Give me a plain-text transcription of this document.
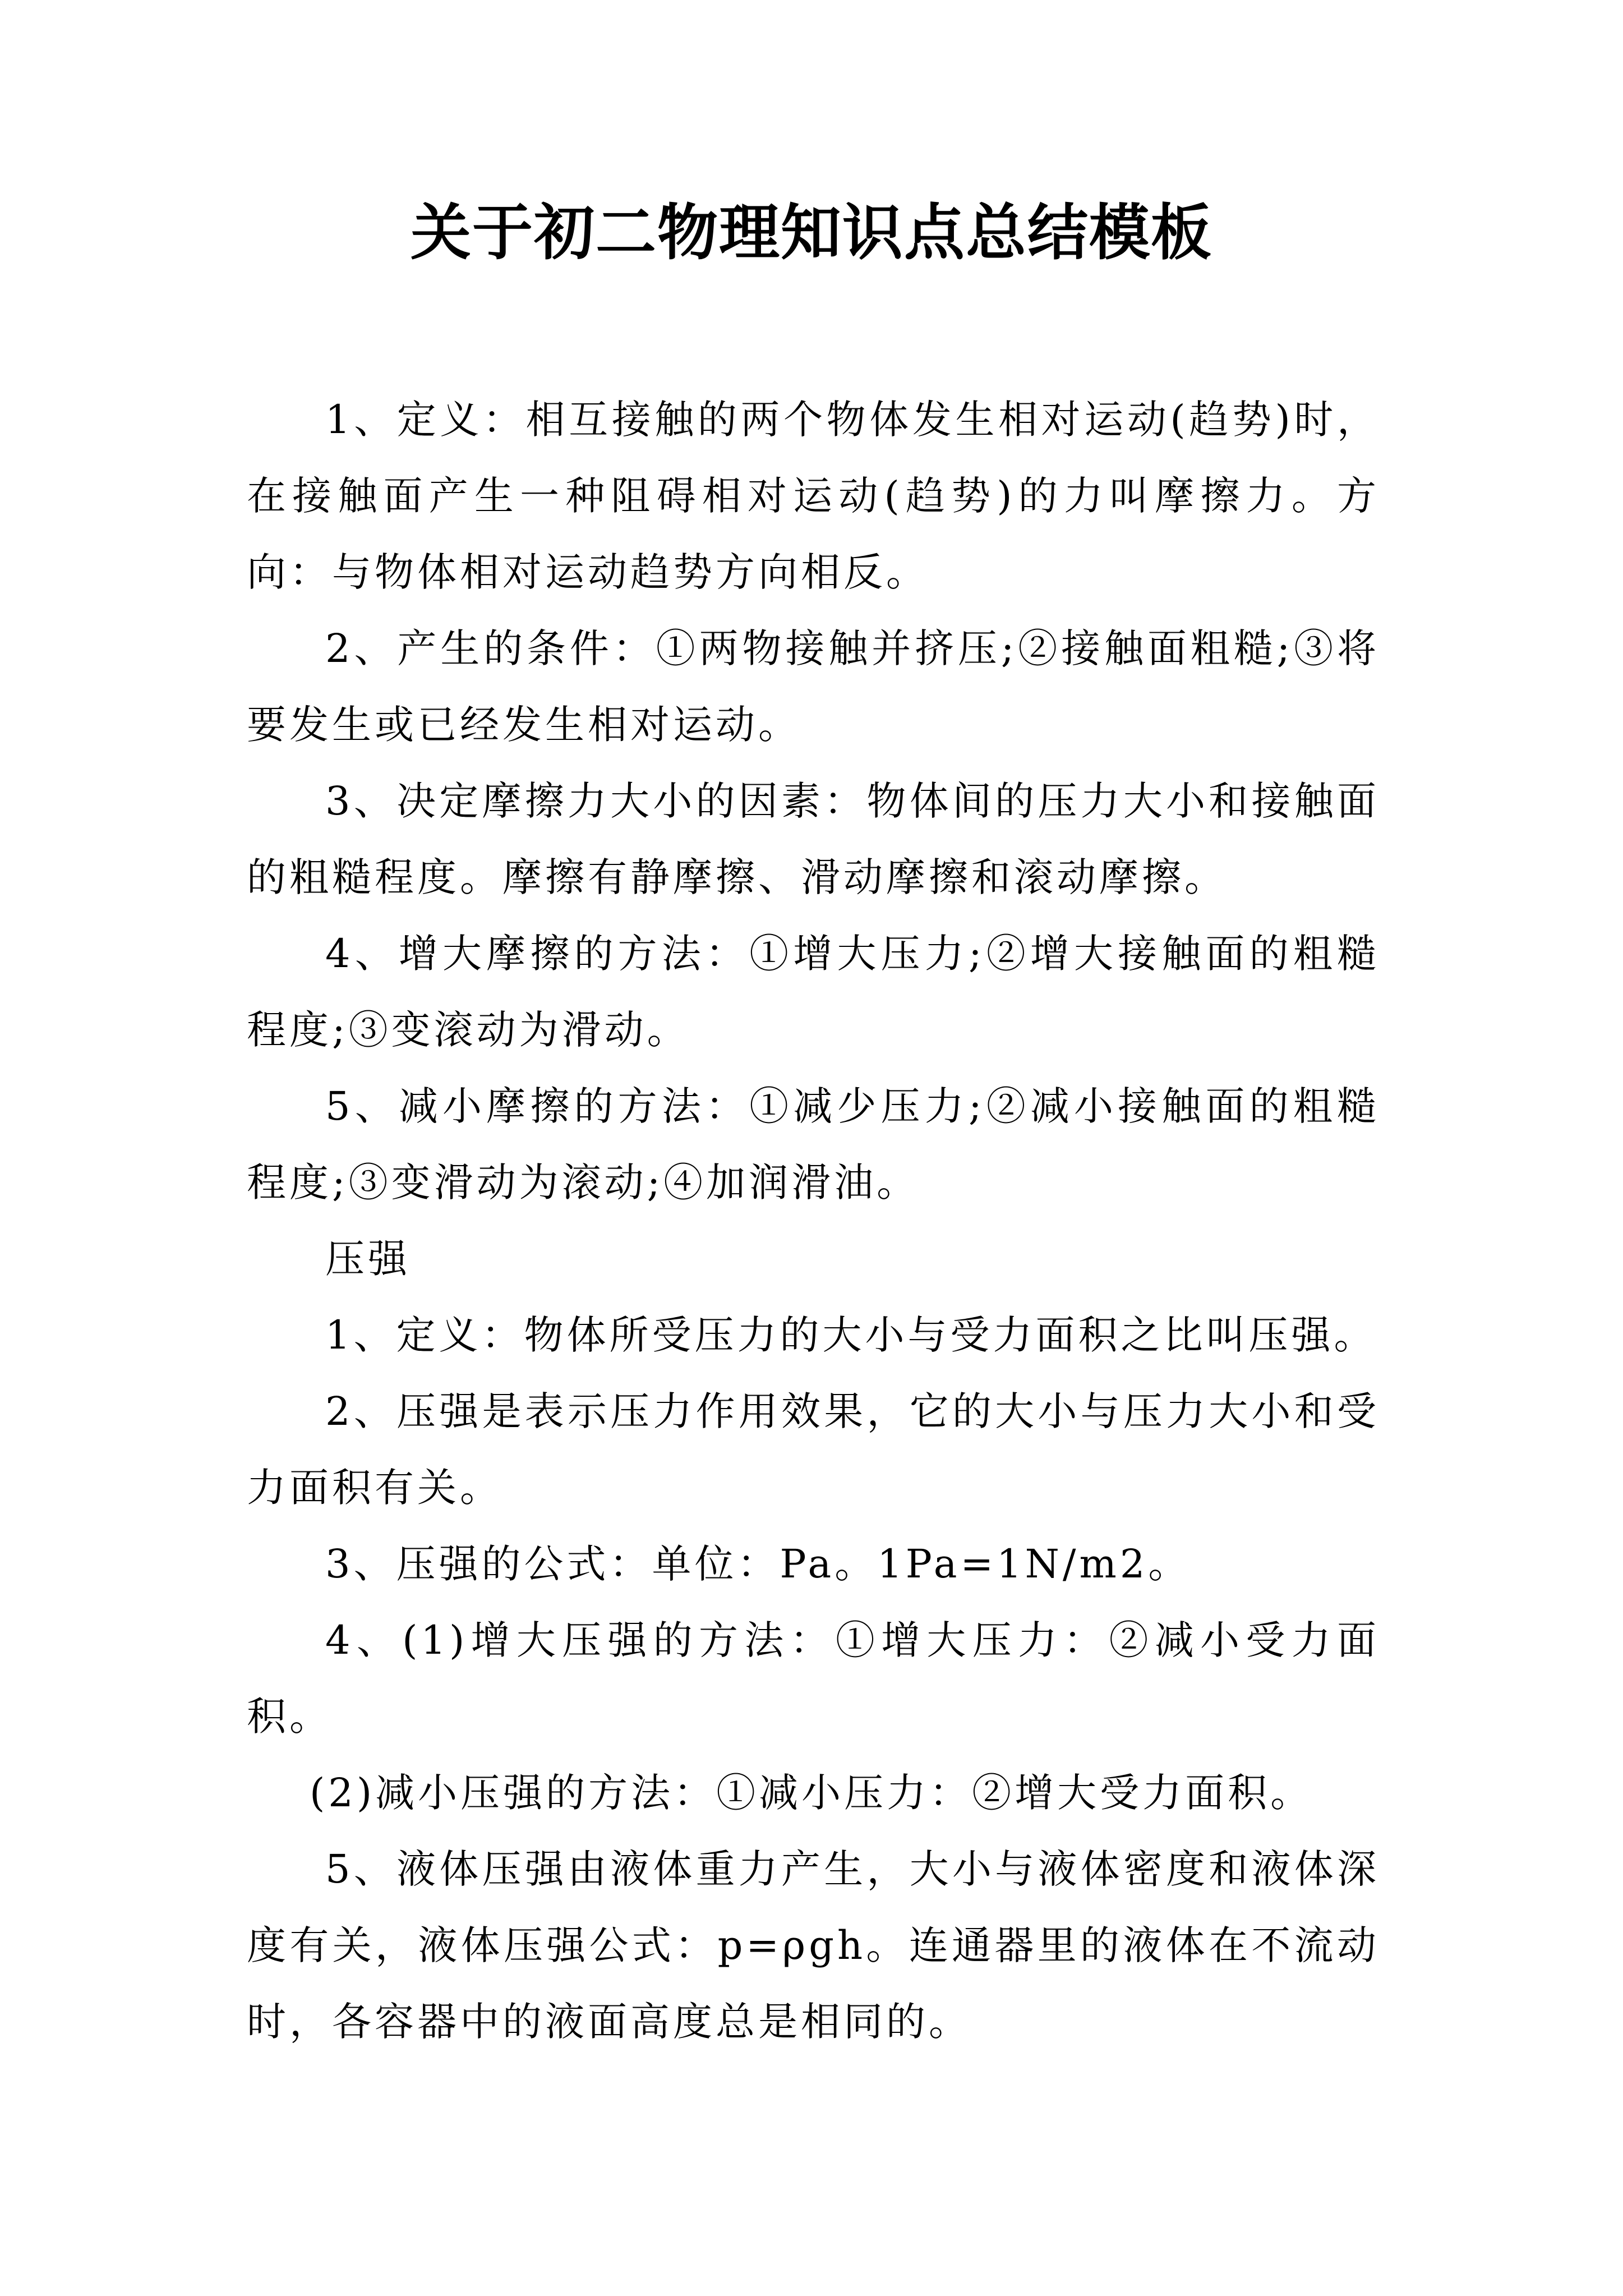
关于初二物理知识点总结模板

1、定义：相互接触的两个物体发生相对运动(趋势)时，在接触面产生一种阻碍相对运动(趋势)的力叫摩擦力。方向：与物体相对运动趋势方向相反。

2、产生的条件：①两物接触并挤压;②接触面粗糙;③将要发生或已经发生相对运动。

3、决定摩擦力大小的因素：物体间的压力大小和接触面的粗糙程度。摩擦有静摩擦、滑动摩擦和滚动摩擦。

4、增大摩擦的方法：①增大压力;②增大接触面的粗糙程度;③变滚动为滑动。

5、减小摩擦的方法：①减少压力;②减小接触面的粗糙程度;③变滑动为滚动;④加润滑油。

压强

1、定义：物体所受压力的大小与受力面积之比叫压强。

2、压强是表示压力作用效果，它的大小与压力大小和受力面积有关。

3、压强的公式：单位：Pa。1Pa=1N/m2。

4、(1)增大压强的方法：①增大压力：②减小受力面积。

(2)减小压强的方法：①减小压力：②增大受力面积。

5、液体压强由液体重力产生，大小与液体密度和液体深度有关，液体压强公式：p=ρgh。连通器里的液体在不流动时，各容器中的液面高度总是相同的。
